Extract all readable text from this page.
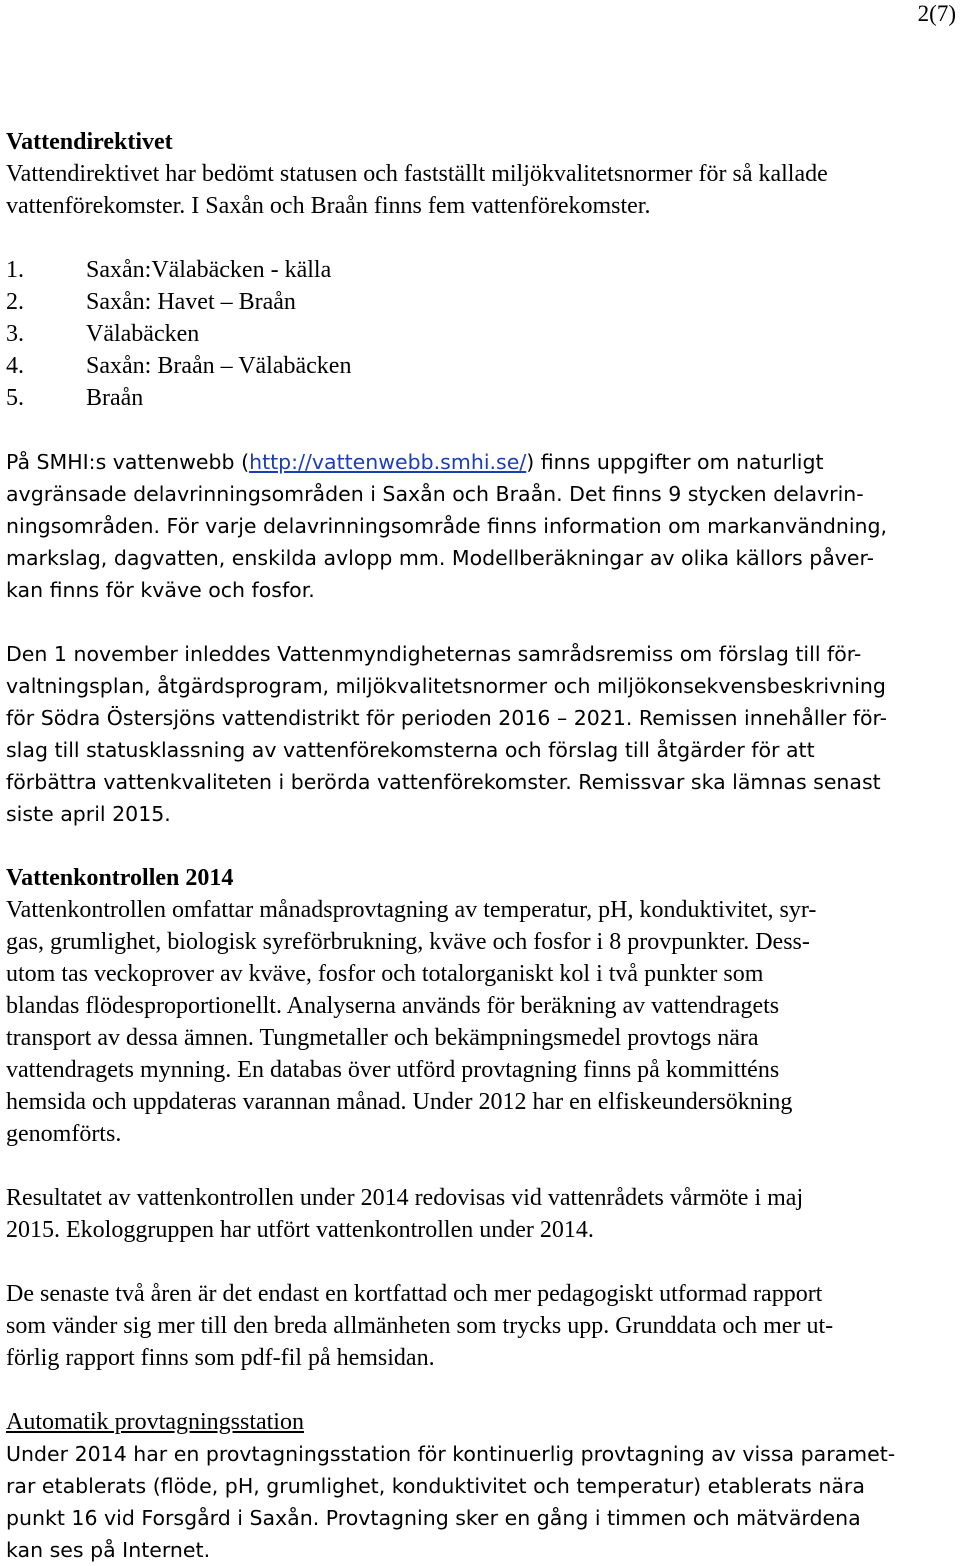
2(7)
Vattendirektivet
Vattendirektivet har bedömt statusen och fastställt miljökvalitetsnormer för så kallade
vattenförekomster. I Saxån och Braån finns fem vattenförekomster.
1.	Saxån:Välabäcken - källa
2.	Saxån: Havet – Braån
3.	Välabäcken
4.	Saxån: Braån – Välabäcken
5.	Braån
På SMHI:s vattenwebb (http://vattenwebb.smhi.se/) finns uppgifter om naturligt
avgränsade delavrinningsområden i Saxån och Braån. Det finns 9 stycken delavrin-
ningsområden. För varje delavrinningsområde finns information om markanvändning,
markslag, dagvatten, enskilda avlopp mm. Modellberäkningar av olika källors påver-
kan finns för kväve och fosfor.
Den 1 november inleddes Vattenmyndigheternas samrådsremiss om förslag till för-
valtningsplan, åtgärdsprogram, miljökvalitetsnormer och miljökonsekvensbeskrivning
för Södra Östersjöns vattendistrikt för perioden 2016 – 2021. Remissen innehåller för-
slag till statusklassning av vattenförekomsterna och förslag till åtgärder för att
förbättra vattenkvaliteten i berörda vattenförekomster. Remissvar ska lämnas senast
siste april 2015.
Vattenkontrollen 2014
Vattenkontrollen omfattar månadsprovtagning av temperatur, pH, konduktivitet, syr-
gas, grumlighet, biologisk syreförbrukning, kväve och fosfor i 8 provpunkter. Dess-
utom tas veckoprover av kväve, fosfor och totalorganiskt kol i två punkter som
blandas flödesproportionellt. Analyserna används för beräkning av vattendragets
transport av dessa ämnen. Tungmetaller och bekämpningsmedel provtogs nära
vattendragets mynning. En databas över utförd provtagning finns på kommitténs
hemsida och uppdateras varannan månad. Under 2012 har en elfiskeundersökning
genomförts.
Resultatet av vattenkontrollen under 2014 redovisas vid vattenrådets vårmöte i maj
2015. Ekologgruppen har utfört vattenkontrollen under 2014.
De senaste två åren är det endast en kortfattad och mer pedagogiskt utformad rapport
som vänder sig mer till den breda allmänheten som trycks upp. Grunddata och mer ut-
förlig rapport finns som pdf-fil på hemsidan.
Automatik provtagningsstation
Under 2014 har en provtagningsstation för kontinuerlig provtagning av vissa paramet-
rar etablerats (flöde, pH, grumlighet, konduktivitet och temperatur) etablerats nära
punkt 16 vid Forsgård i Saxån. Provtagning sker en gång i timmen och mätvärdena
kan ses på Internet.
